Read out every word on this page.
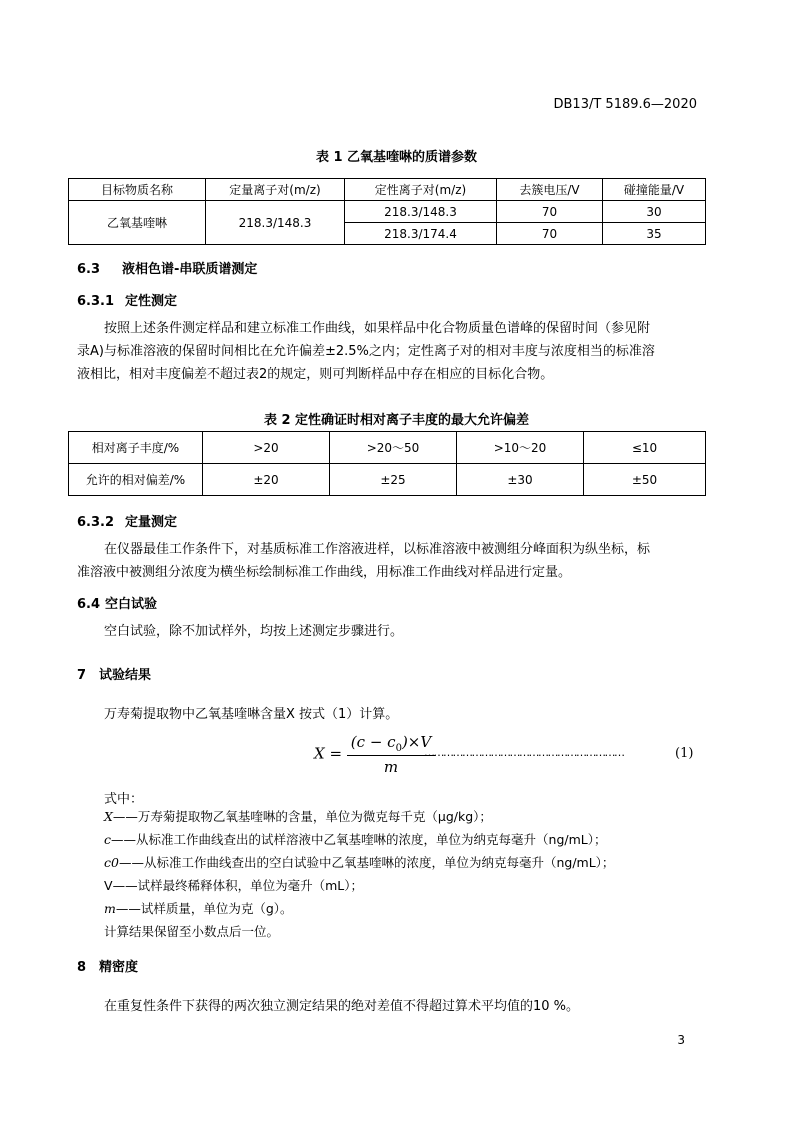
DB13/T 5189.6—2020
表 1 乙氧基喹啉的质谱参数
目标物质名称	定量离子对(m/z)	定性离子对(m/z)	去簇电压/V	碰撞能量/V
乙氧基喹啉	218.3/148.3	218.3/148.3	70	30
		218.3/174.4	70	35
6.3 液相色谱-串联质谱测定
6.3.1 定性测定
按照上述条件测定样品和建立标准工作曲线，如果样品中化合物质量色谱峰的保留时间（参见附
录A)与标准溶液的保留时间相比在允许偏差±2.5%之内；定性离子对的相对丰度与浓度相当的标准溶
液相比，相对丰度偏差不超过表2的规定，则可判断样品中存在相应的目标化合物。
表 2 定性确证时相对离子丰度的最大允许偏差
相对离子丰度/%	>20	>20～50	>10～20	≤10
允许的相对偏差/%	±20	±25	±30	±50
6.3.2 定量测定
在仪器最佳工作条件下，对基质标准工作溶液进样，以标准溶液中被测组分峰面积为纵坐标，标
准溶液中被测组分浓度为横坐标绘制标准工作曲线，用标准工作曲线对样品进行定量。
6.4 空白试验
空白试验，除不加试样外，均按上述测定步骤进行。
7 试验结果
万寿菊提取物中乙氧基喹啉含量X 按式（1）计算。
$X = \frac{(c - c_0)\times V}{m}$
………………………………………………………	(1)
式中：
X——万寿菊提取物乙氧基喹啉的含量，单位为微克每千克（μg/kg）；
c——从标准工作曲线查出的试样溶液中乙氧基喹啉的浓度，单位为纳克每毫升（ng/mL）；
c0——从标准工作曲线查出的空白试验中乙氧基喹啉的浓度，单位为纳克每毫升（ng/mL）；
V——试样最终稀释体积，单位为毫升（mL）；
m——试样质量，单位为克（g）。
计算结果保留至小数点后一位。
8 精密度
在重复性条件下获得的两次独立测定结果的绝对差值不得超过算术平均值的10 %。
3
